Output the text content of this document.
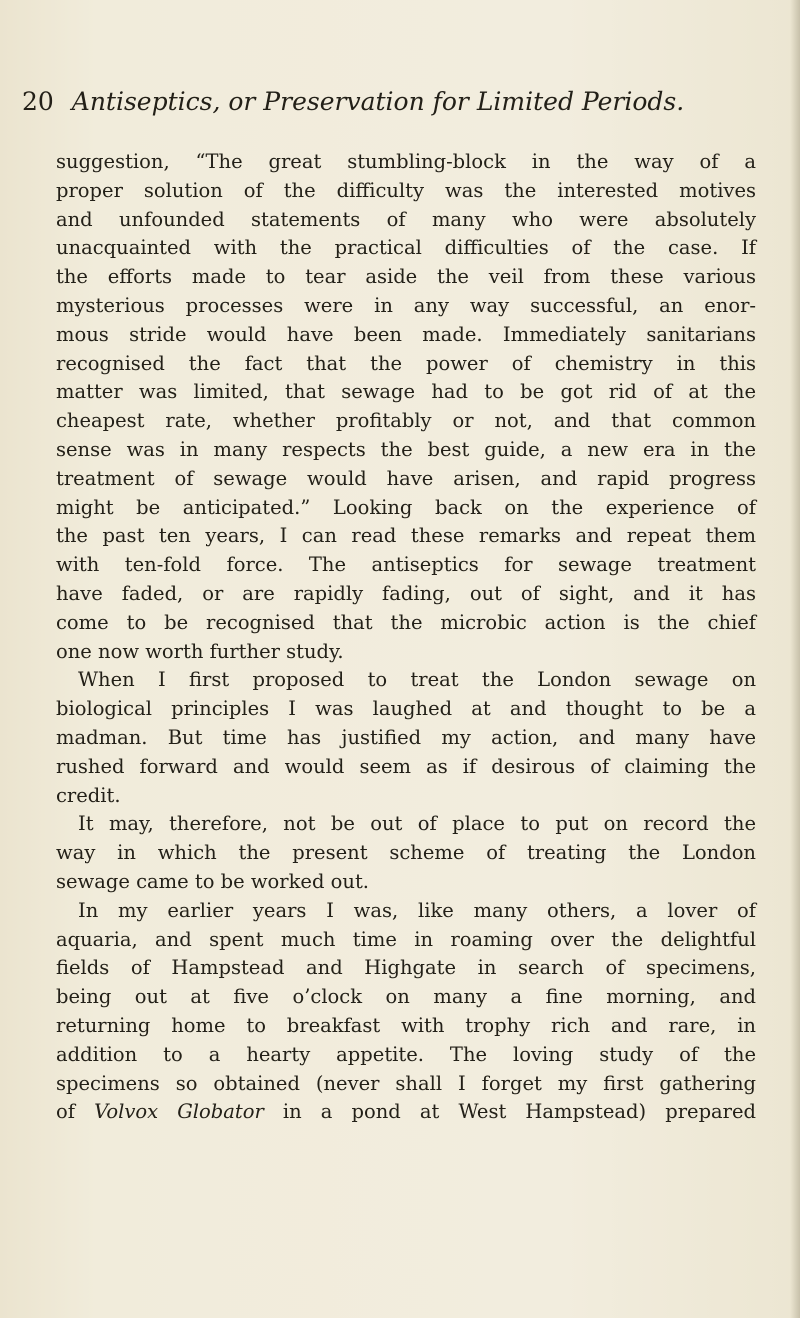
20 Antiseptics, or Preservation for Limited Periods.
suggestion, “The great stumbling-block in the way of a
proper solution of the difficulty was the interested motives
and unfounded statements of many who were absolutely
unacquainted with the practical difficulties of the case. If
the efforts made to tear aside the veil from these various
mysterious processes were in any way successful, an enor-
mous stride would have been made. Immediately sanitarians
recognised the fact that the power of chemistry in this
matter was limited, that sewage had to be got rid of at the
cheapest rate, whether profitably or not, and that common
sense was in many respects the best guide, a new era in the
treatment of sewage would have arisen, and rapid progress
might be anticipated.” Looking back on the experience of
the past ten years, I can read these remarks and repeat them
with ten-fold force. The antiseptics for sewage treatment
have faded, or are rapidly fading, out of sight, and it has
come to be recognised that the microbic action is the chief
one now worth further study.
When I first proposed to treat the London sewage on
biological principles I was laughed at and thought to be a
madman. But time has justified my action, and many have
rushed forward and would seem as if desirous of claiming the
credit.
It may, therefore, not be out of place to put on record the
way in which the present scheme of treating the London
sewage came to be worked out.
In my earlier years I was, like many others, a lover of
aquaria, and spent much time in roaming over the delightful
fields of Hampstead and Highgate in search of specimens,
being out at five o’clock on many a fine morning, and
returning home to breakfast with trophy rich and rare, in
addition to a hearty appetite. The loving study of the
specimens so obtained (never shall I forget my first gathering
of Volvox Globator in a pond at West Hampstead) prepared
